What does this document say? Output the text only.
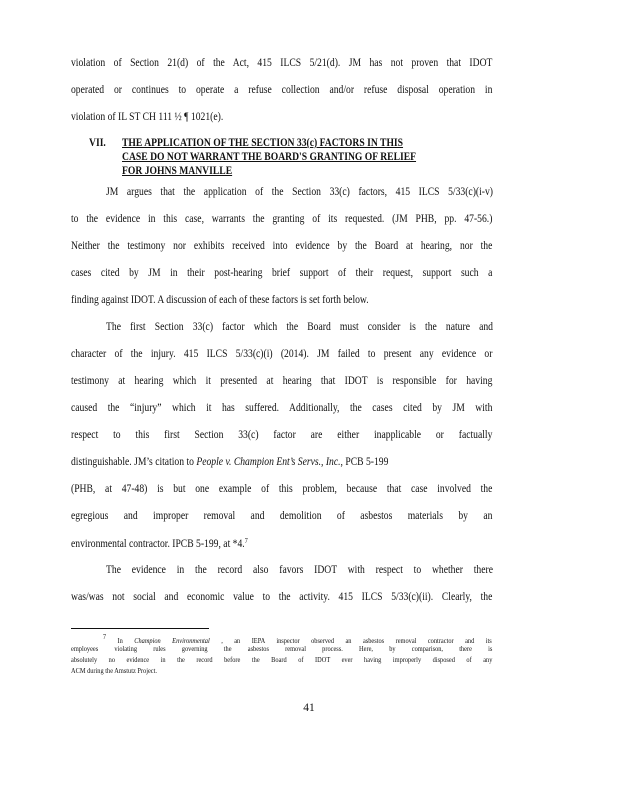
violation of Section 21(d) of the Act, 415 ILCS 5/21(d). JM has not proven that IDOT
operated or continues to operate a refuse collection and/or refuse disposal operation in
violation of IL ST CH 111 ½ ¶ 1021(e).
VII. THE APPLICATION OF THE SECTION 33(c) FACTORS IN THIS
CASE DO NOT WARRANT THE BOARD'S GRANTING OF RELIEF
FOR JOHNS MANVILLE
JM argues that the application of the Section 33(c) factors, 415 ILCS 5/33(c)(i-v)
to the evidence in this case, warrants the granting of its requested. (JM PHB, pp. 47-56.)
Neither the testimony nor exhibits received into evidence by the Board at hearing, nor the
cases cited by JM in their post-hearing brief support of their request, support such a
finding against IDOT. A discussion of each of these factors is set forth below.
The first Section 33(c) factor which the Board must consider is the nature and
character of the injury. 415 ILCS 5/33(c)(i) (2014). JM failed to present any evidence or
testimony at hearing which it presented at hearing that IDOT is responsible for having
caused the “injury” which it has suffered. Additionally, the cases cited by JM with
respect to this first Section 33(c) factor are either inapplicable or factually
distinguishable. JM’s citation to People v. Champion Ent’s Servs., Inc., PCB 5-199
(PHB, at 47-48) is but one example of this problem, because that case involved the
egregious and improper removal and demolition of asbestos materials by an
environmental contractor. IPCB 5-199, at *4.$^7$
The evidence in the record also favors IDOT with respect to whether there
was/was not social and economic value to the activity. 415 ILCS 5/33(c)(ii). Clearly, the
$^7$ In Champion Environmental , an IEPA inspector observed an asbestos removal contractor and its
employees violating rules governing the asbestos removal process. Here, by comparison, there is
absolutely no evidence in the record before the Board of IDOT ever having improperly disposed of any
ACM during the Amstutz Project.
41
